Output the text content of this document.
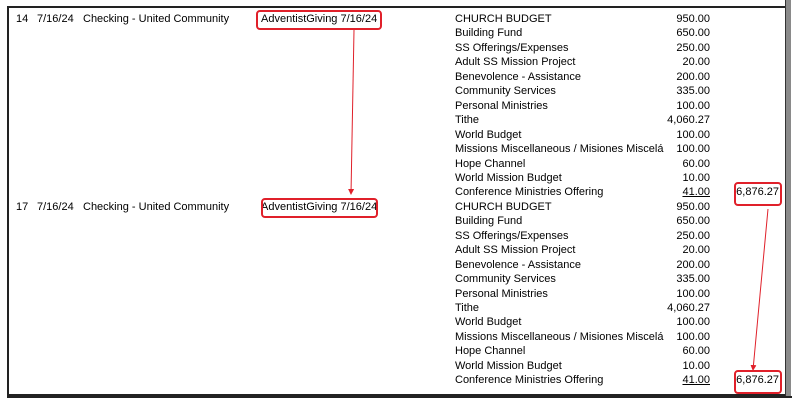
14 7/16/24 Checking - United Community	AdventistGiving 7/16/24	CHURCH BUDGET	950.00
Building Fund	650.00
SS Offerings/Expenses	250.00
Adult SS Mission Project	20.00
Benevolence - Assistance	200.00
Community Services	335.00
Personal Ministries	100.00
Tithe	4,060.27
World Budget	100.00
Missions Miscellaneous / Misiones Miscelá	100.00
Hope Channel	60.00
World Mission Budget	10.00
Conference Ministries Offering	41.00	6,876.27
17 7/16/24 Checking - United Community	AdventistGiving 7/16/24	CHURCH BUDGET	950.00
Building Fund	650.00
SS Offerings/Expenses	250.00
Adult SS Mission Project	20.00
Benevolence - Assistance	200.00
Community Services	335.00
Personal Ministries	100.00
Tithe	4,060.27
World Budget	100.00
Missions Miscellaneous / Misiones Miscelá	100.00
Hope Channel	60.00
World Mission Budget	10.00
Conference Ministries Offering	41.00	6,876.27
